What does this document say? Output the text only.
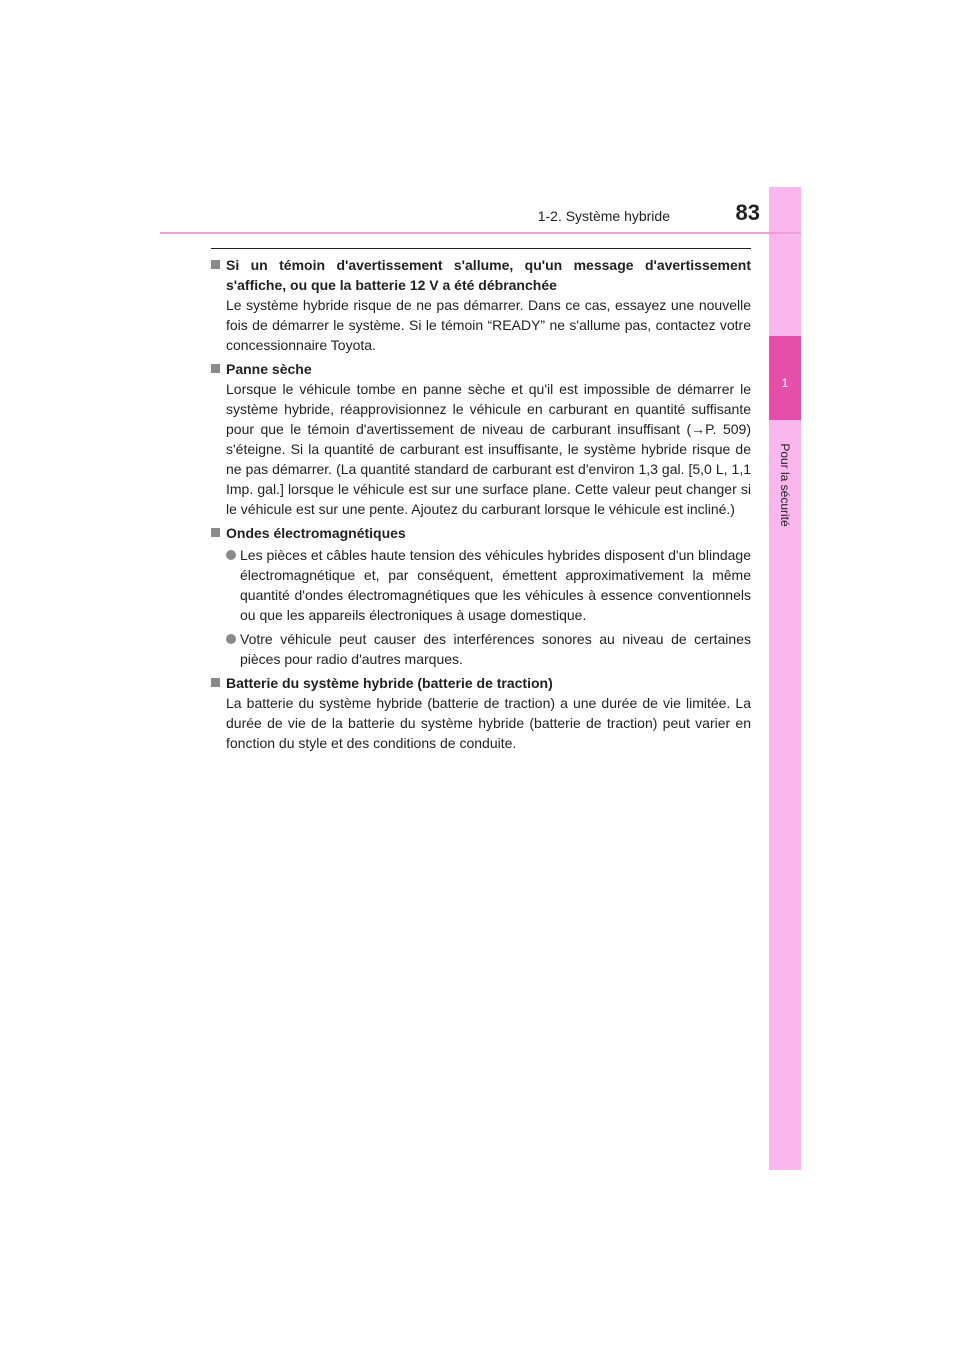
1
Pour la sécurité
1-2. Système hybride	83
Si un témoin d'avertissement s'allume, qu'un message d'avertissement s'affiche, ou que la batterie 12 V a été débranchée
Le système hybride risque de ne pas démarrer. Dans ce cas, essayez une nouvelle fois de démarrer le système. Si le témoin “READY” ne s'allume pas, contactez votre concessionnaire Toyota.
Panne sèche
Lorsque le véhicule tombe en panne sèche et qu'il est impossible de démarrer le système hybride, réapprovisionnez le véhicule en carburant en quantité suffisante pour que le témoin d'avertissement de niveau de carburant insuffisant (→P. 509) s'éteigne. Si la quantité de carburant est insuffisante, le système hybride risque de ne pas démarrer. (La quantité standard de carburant est d'environ 1,3 gal. [5,0 L, 1,1 Imp. gal.] lorsque le véhicule est sur une surface plane. Cette valeur peut changer si le véhicule est sur une pente. Ajoutez du carburant lorsque le véhicule est incliné.)
Ondes électromagnétiques
Les pièces et câbles haute tension des véhicules hybrides disposent d'un blindage électromagnétique et, par conséquent, émettent approximativement la même quantité d'ondes électromagnétiques que les véhicules à essence conventionnels ou que les appareils électroniques à usage domestique.
Votre véhicule peut causer des interférences sonores au niveau de certaines pièces pour radio d'autres marques.
Batterie du système hybride (batterie de traction)
La batterie du système hybride (batterie de traction) a une durée de vie limitée. La durée de vie de la batterie du système hybride (batterie de traction) peut varier en fonction du style et des conditions de conduite.
